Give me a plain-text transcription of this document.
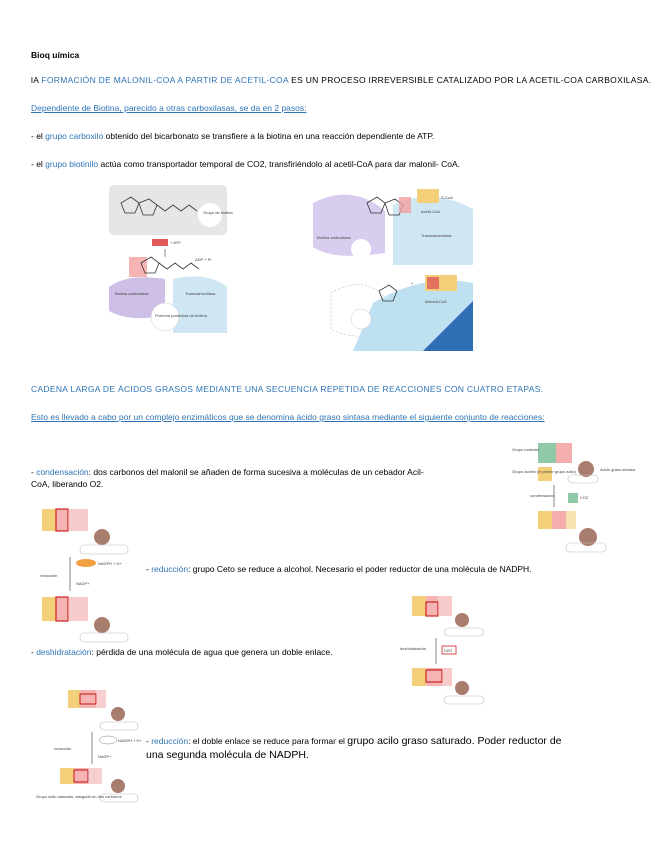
Bioq uímica
lA FORMACIÓN DE MALONIL-COA A PARTIR DE ACETIL-COA ES UN PROCESO IRREVERSIBLE CATALIZADO POR LA ACETIL-COA CARBOXILASA.
Dependiente de Biotina, parecido a otras carboxilasas, se da en 2 pasos:
- el grupo carboxilo obtenido del bicarbonato se transfiere a la biotina en una reacción dependiente de ATP.
- el grupo biotinilo actúa como transportador temporal de CO2, transfiriéndolo al acetil-CoA para dar malonil- CoA.
CADENA LARGA DE ÁCIDOS GRASOS MEDIANTE UNA SECUENCIA REPETIDA DE REACCIONES CON CUATRO ETAPAS.
Esto es llevado a cabo por un complejo enzimáticos que se denomina ácido graso sintasa mediante el siguiente conjunto de reacciones:
- condensación: dos carbonos del malonil se añaden de forma sucesiva a moléculas de un cebador Acil-
CoA, liberando O2.
- reducción: grupo Ceto se reduce a alcohol. Necesario el poder reductor de una molécula de NADPH.
- deshidratación: pérdida de una molécula de agua que genera un doble enlace.
- reducción: el doble enlace se reduce para formar el grupo acilo graso saturado. Poder reductor de
una segunda molécula de NADPH.
Grupo de biotina
+ ATP
ADP + Pi
Biotina carboxilasa	Transcarboxilasa
Proteína portadora de biotina
S-CoA
Acetil-CoA
Biotina carboxilasa	Transcarboxilasa
Malonil-CoA
+
Grupo malonilo
Grupo acetilo (el primer grupo acilo)	Ácido graso sintasa
condensación	CO2
NADPH + H+
reducción
NADP+
deshidratación	H2O
NADPH + H+
reducción
NADP+
Grupo acilo saturado, alargado en dos carbonos
